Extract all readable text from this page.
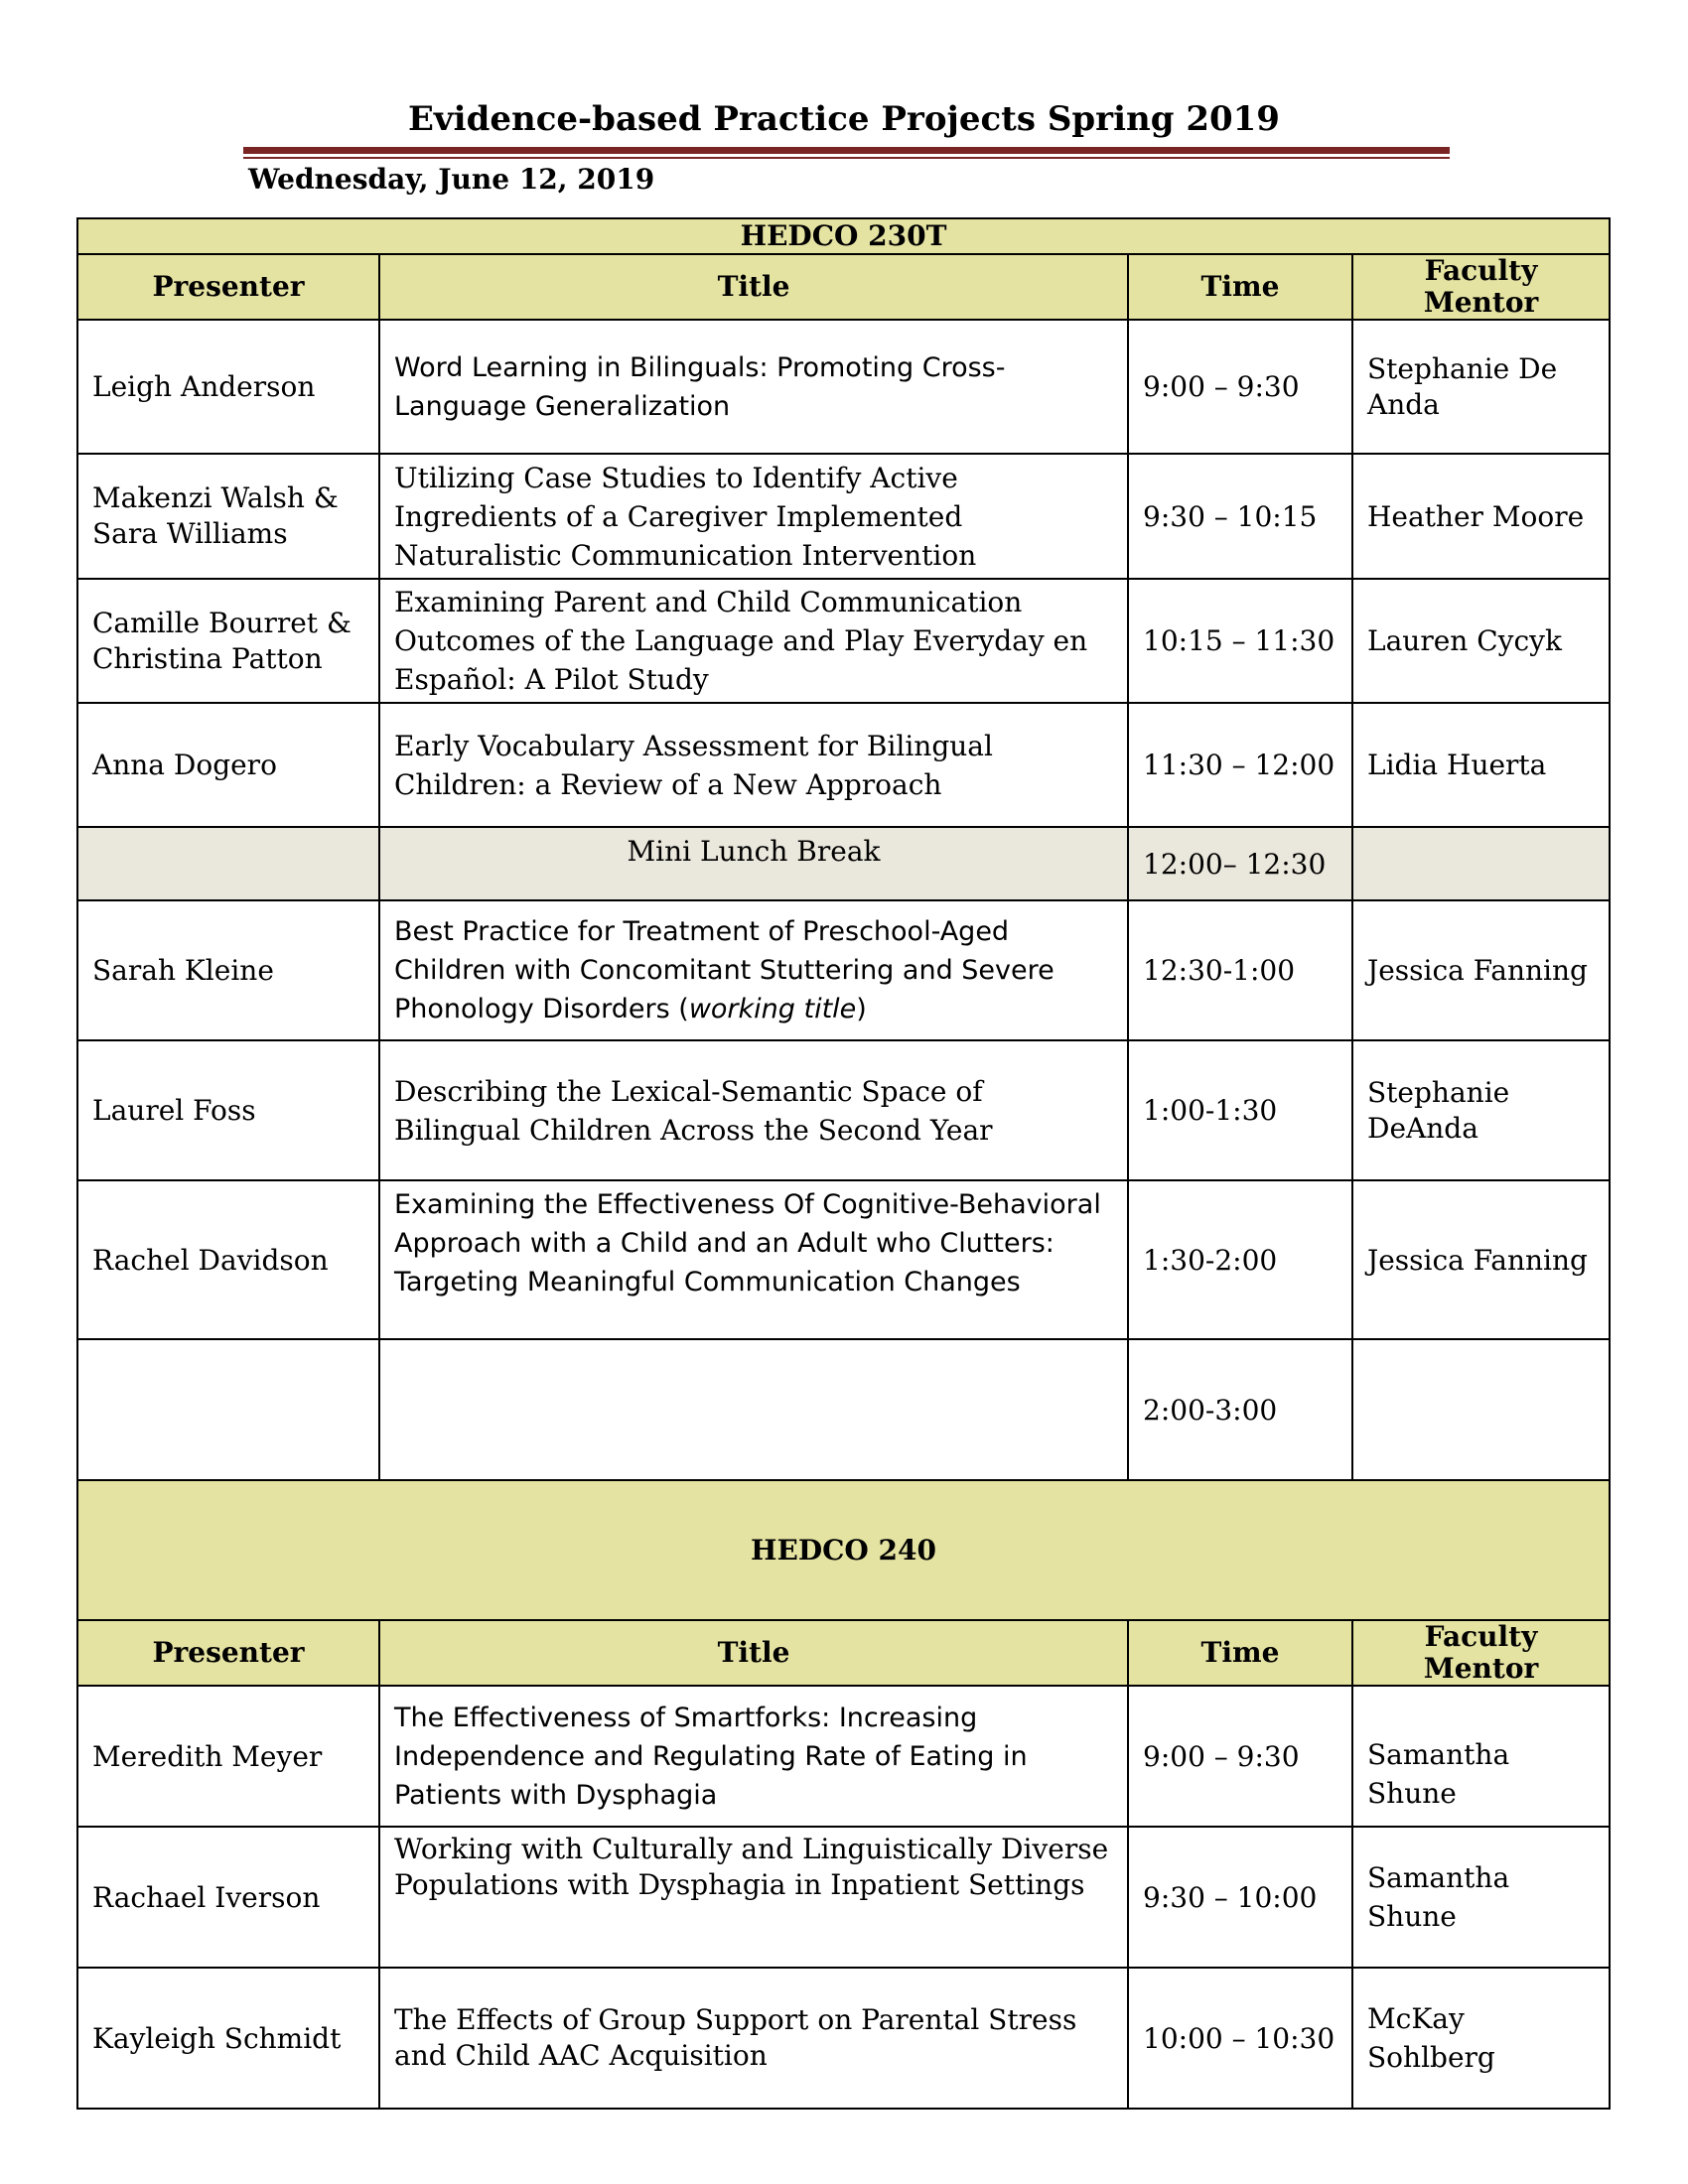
Evidence-based Practice Projects Spring 2019

Wednesday, June 12, 2019

HEDCO 230T			
Presenter	Title	Time	Faculty Mentor
Leigh Anderson	Word Learning in Bilinguals: Promoting Cross-Language Generalization	9:00 – 9:30	Stephanie De Anda
Makenzi Walsh & Sara Williams	Utilizing Case Studies to Identify Active Ingredients of a Caregiver Implemented Naturalistic Communication Intervention	9:30 – 10:15	Heather Moore
Camille Bourret & Christina Patton	Examining Parent and Child Communication Outcomes of the Language and Play Everyday en Español: A Pilot Study	10:15 – 11:30	Lauren Cycyk
Anna Dogero	Early Vocabulary Assessment for Bilingual Children: a Review of a New Approach	11:30 – 12:00	Lidia Huerta
	Mini Lunch Break	12:00– 12:30	
Sarah Kleine	Best Practice for Treatment of Preschool-Aged Children with Concomitant Stuttering and Severe Phonology Disorders (working title)	12:30-1:00	Jessica Fanning
Laurel Foss	Describing the Lexical-Semantic Space of Bilingual Children Across the Second Year	1:00-1:30	Stephanie DeAnda
Rachel Davidson	Examining the Effectiveness Of Cognitive-Behavioral Approach with a Child and an Adult who Clutters: Targeting Meaningful Communication Changes	1:30-2:00	Jessica Fanning
		2:00-3:00	
HEDCO 240			
Presenter	Title	Time	Faculty Mentor
Meredith Meyer	The Effectiveness of Smartforks: Increasing Independence and Regulating Rate of Eating in Patients with Dysphagia	9:00 – 9:30	Samantha Shune
Rachael Iverson	Working with Culturally and Linguistically Diverse Populations with Dysphagia in Inpatient Settings	9:30 – 10:00	Samantha Shune
Kayleigh Schmidt	The Effects of Group Support on Parental Stress and Child AAC Acquisition	10:00 – 10:30	McKay Sohlberg
